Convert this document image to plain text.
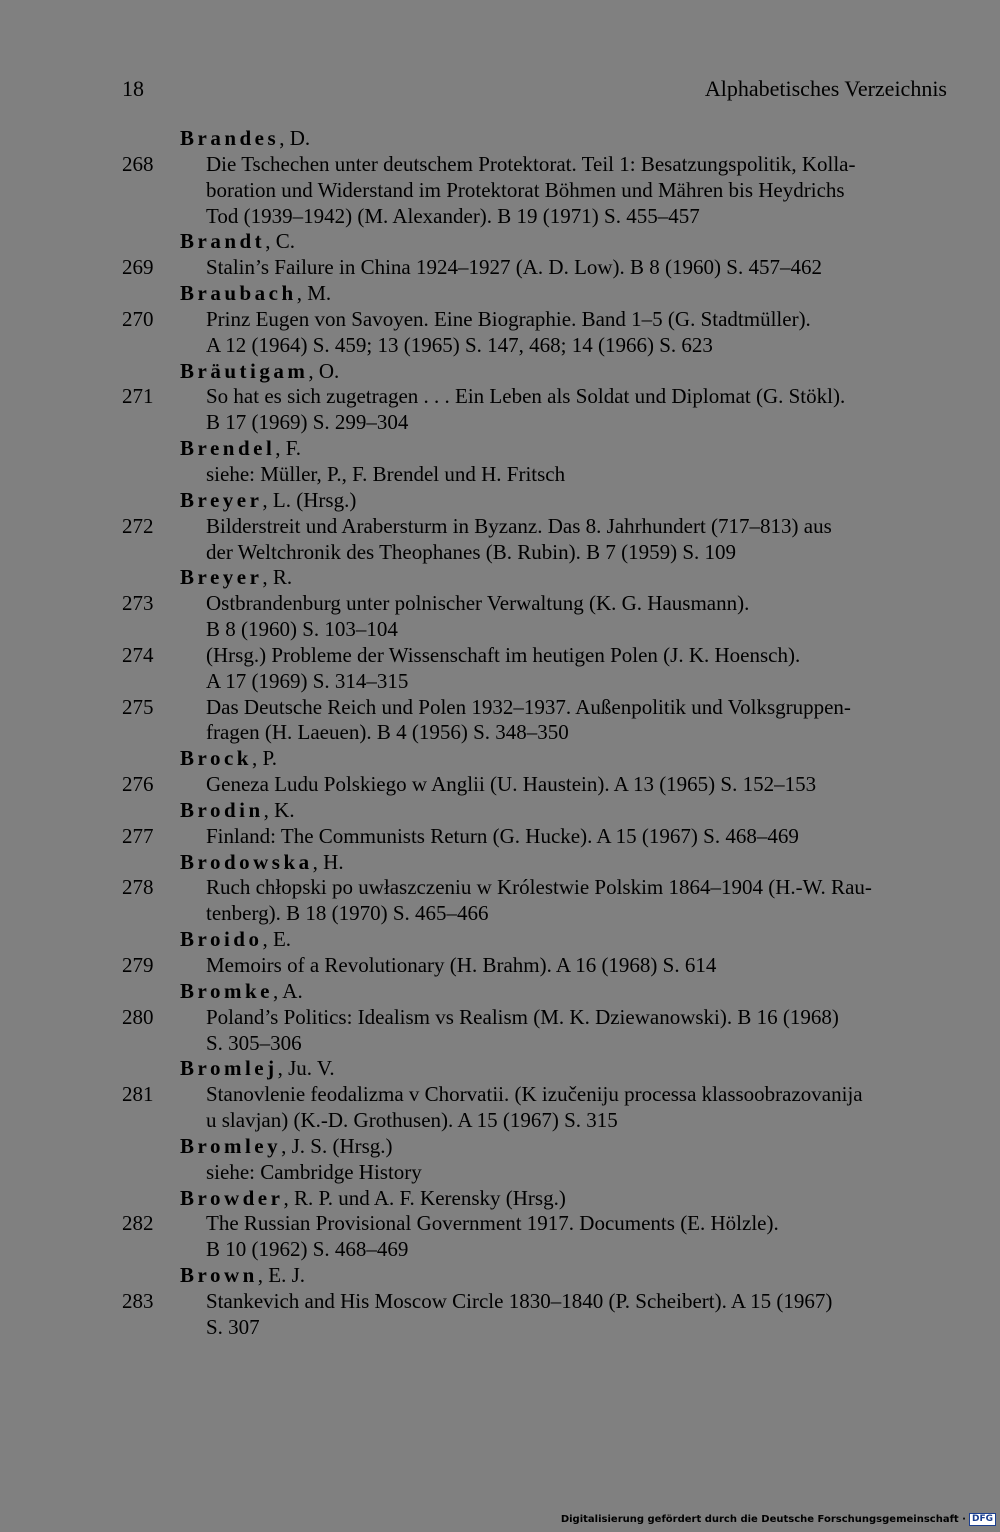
18	Alphabetisches Verzeichnis
Brandes, D.
268	Die Tschechen unter deutschem Protektorat. Teil 1: Besatzungspolitik, Kolla-
boration und Widerstand im Protektorat Böhmen und Mähren bis Heydrichs
Tod (1939–1942) (M. Alexander). B 19 (1971) S. 455–457
Brandt, C.
269	Stalin’s Failure in China 1924–1927 (A. D. Low). B 8 (1960) S. 457–462
Braubach, M.
270	Prinz Eugen von Savoyen. Eine Biographie. Band 1–5 (G. Stadtmüller).
A 12 (1964) S. 459; 13 (1965) S. 147, 468; 14 (1966) S. 623
Bräutigam, O.
271	So hat es sich zugetragen . . . Ein Leben als Soldat und Diplomat (G. Stökl).
B 17 (1969) S. 299–304
Brendel, F.
siehe: Müller, P., F. Brendel und H. Fritsch
Breyer, L. (Hrsg.)
272	Bilderstreit und Arabersturm in Byzanz. Das 8. Jahrhundert (717–813) aus
der Weltchronik des Theophanes (B. Rubin). B 7 (1959) S. 109
Breyer, R.
273	Ostbrandenburg unter polnischer Verwaltung (K. G. Hausmann).
B 8 (1960) S. 103–104
274	(Hrsg.) Probleme der Wissenschaft im heutigen Polen (J. K. Hoensch).
A 17 (1969) S. 314–315
275	Das Deutsche Reich und Polen 1932–1937. Außenpolitik und Volksgruppen-
fragen (H. Laeuen). B 4 (1956) S. 348–350
Brock, P.
276	Geneza Ludu Polskiego w Anglii (U. Haustein). A 13 (1965) S. 152–153
Brodin, K.
277	Finland: The Communists Return (G. Hucke). A 15 (1967) S. 468–469
Brodowska, H.
278	Ruch chłopski po uwłaszczeniu w Królestwie Polskim 1864–1904 (H.-W. Rau-
tenberg). B 18 (1970) S. 465–466
Broido, E.
279	Memoirs of a Revolutionary (H. Brahm). A 16 (1968) S. 614
Bromke, A.
280	Poland’s Politics: Idealism vs Realism (M. K. Dziewanowski). B 16 (1968)
S. 305–306
Bromlej, Ju. V.
281	Stanovlenie feodalizma v Chorvatii. (K izučeniju processa klassoobrazovanija
u slavjan) (K.-D. Grothusen). A 15 (1967) S. 315
Bromley, J. S. (Hrsg.)
siehe: Cambridge History
Browder, R. P. und A. F. Kerensky (Hrsg.)
282	The Russian Provisional Government 1917. Documents (E. Hölzle).
B 10 (1962) S. 468–469
Brown, E. J.
283	Stankevich and His Moscow Circle 1830–1840 (P. Scheibert). A 15 (1967)
S. 307
Digitalisierung gefördert durch die Deutsche Forschungsgemeinschaft · DFG
